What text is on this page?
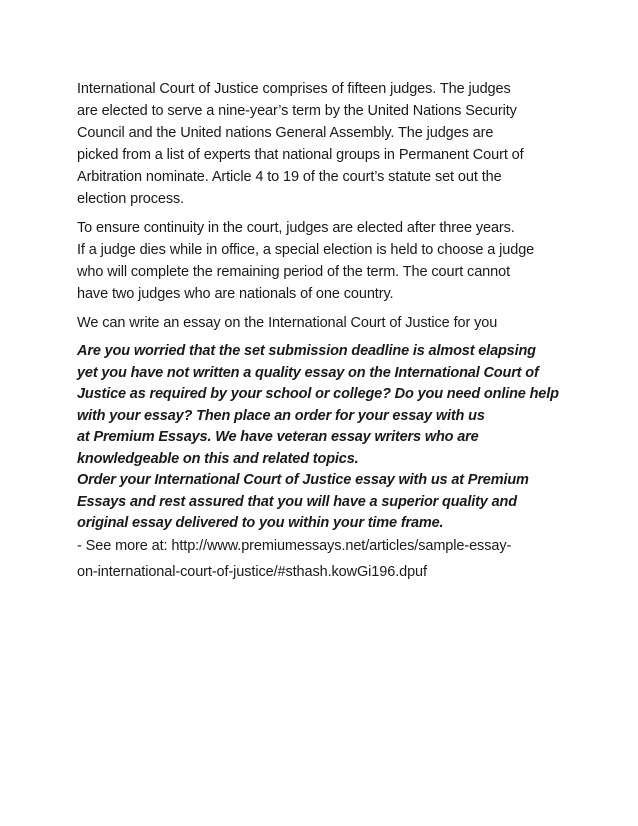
International Court of Justice comprises of fifteen judges. The judges
are elected to serve a nine-year’s term by the United Nations Security
Council and the United nations General Assembly. The judges are
picked from a list of experts that national groups in Permanent Court of
Arbitration nominate. Article 4 to 19 of the court’s statute set out the
election process.

To ensure continuity in the court, judges are elected after three years.
If a judge dies while in office, a special election is held to choose a judge
who will complete the remaining period of the term. The court cannot
have two judges who are nationals of one country.

We can write an essay on the International Court of Justice for you

Are you worried that the set submission deadline is almost elapsing
yet you have not written a quality essay on the International Court of
Justice as required by your school or college? Do you need online help
with your essay? Then place an order for your essay with us
at Premium Essays. We have veteran essay writers who are
knowledgeable on this and related topics.
Order your International Court of Justice essay with us at Premium
Essays and rest assured that you will have a superior quality and
original essay delivered to you within your time frame.

- See more at: http://www.premiumessays.net/articles/sample-essay-
on-international-court-of-justice/#sthash.kowGi196.dpuf
